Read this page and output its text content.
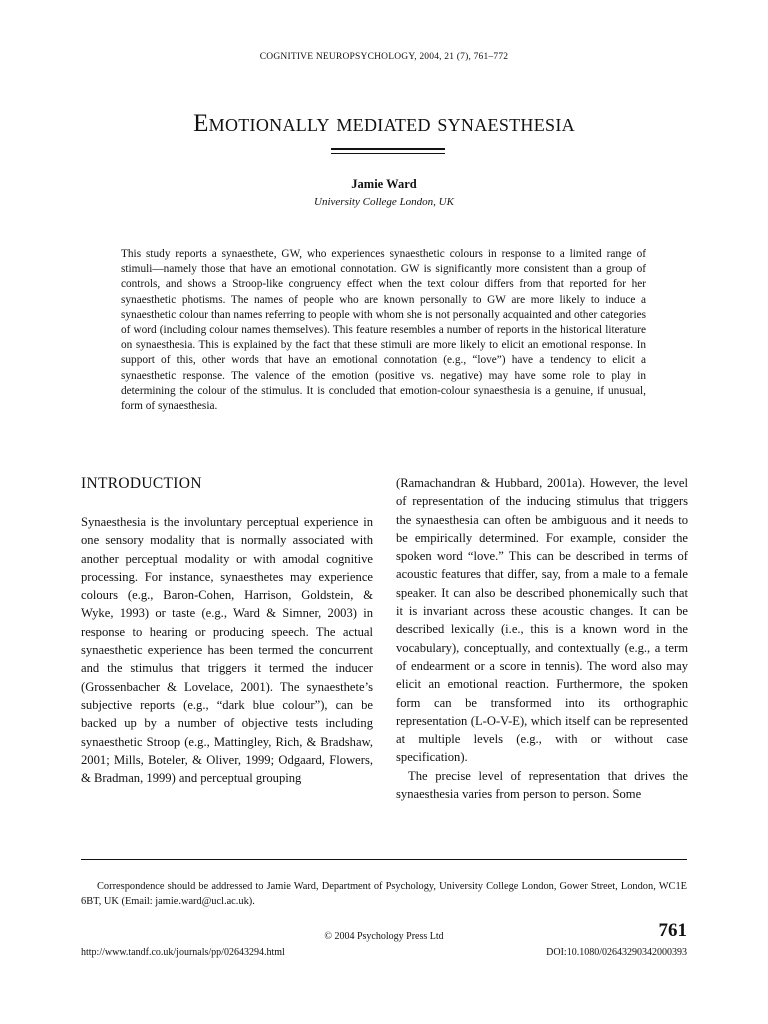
COGNITIVE NEUROPSYCHOLOGY, 2004, 21 (7), 761–772
Emotionally mediated synaesthesia
Jamie Ward
University College London, UK

This study reports a synaesthete, GW, who experiences synaesthetic colours in response to a limited range of stimuli—namely those that have an emotional connotation. GW is significantly more consistent than a group of controls, and shows a Stroop-like congruency effect when the text colour differs from that reported for her synaesthetic photisms. The names of people who are known personally to GW are more likely to induce a synaesthetic colour than names referring to people with whom she is not personally acquainted and other categories of word (including colour names themselves). This feature resembles a number of reports in the historical literature on synaesthesia. This is explained by the fact that these stimuli are more likely to elicit an emotional response. In support of this, other words that have an emotional connotation (e.g., “love”) have a tendency to elicit a synaesthetic response. The valence of the emotion (positive vs. negative) may have some role to play in determining the colour of the stimulus. It is concluded that emotion-colour synaesthesia is a genuine, if unusual, form of synaesthesia.

INTRODUCTION

Synaesthesia is the involuntary perceptual experience in one sensory modality that is normally associated with another perceptual modality or with amodal cognitive processing. For instance, synaesthetes may experience colours (e.g., Baron-Cohen, Harrison, Goldstein, & Wyke, 1993) or taste (e.g., Ward & Simner, 2003) in response to hearing or producing speech. The actual synaesthetic experience has been termed the concurrent and the stimulus that triggers it termed the inducer (Grossenbacher & Lovelace, 2001). The synaesthete’s subjective reports (e.g., “dark blue colour”), can be backed up by a number of objective tests including synaesthetic Stroop (e.g., Mattingley, Rich, & Bradshaw, 2001; Mills, Boteler, & Oliver, 1999; Odgaard, Flowers, & Bradman, 1999) and perceptual grouping

(Ramachandran & Hubbard, 2001a). However, the level of representation of the inducing stimulus that triggers the synaesthesia can often be ambiguous and it needs to be empirically determined. For example, consider the spoken word “love.” This can be described in terms of acoustic features that differ, say, from a male to a female speaker. It can also be described phonemically such that it is invariant across these acoustic changes. It can be described lexically (i.e., this is a known word in the vocabulary), conceptually, and contextually (e.g., a term of endearment or a score in tennis). The word also may elicit an emotional reaction. Furthermore, the spoken form can be transformed into its orthographic representation (L-O-V-E), which itself can be represented at multiple levels (e.g., with or without case specification).

The precise level of representation that drives the synaesthesia varies from person to person. Some

Correspondence should be addressed to Jamie Ward, Department of Psychology, University College London, Gower Street, London, WC1E 6BT, UK (Email: jamie.ward@ucl.ac.uk).

© 2004 Psychology Press Ltd	761
http://www.tandf.co.uk/journals/pp/02643294.html	DOI:10.1080/02643290342000393
